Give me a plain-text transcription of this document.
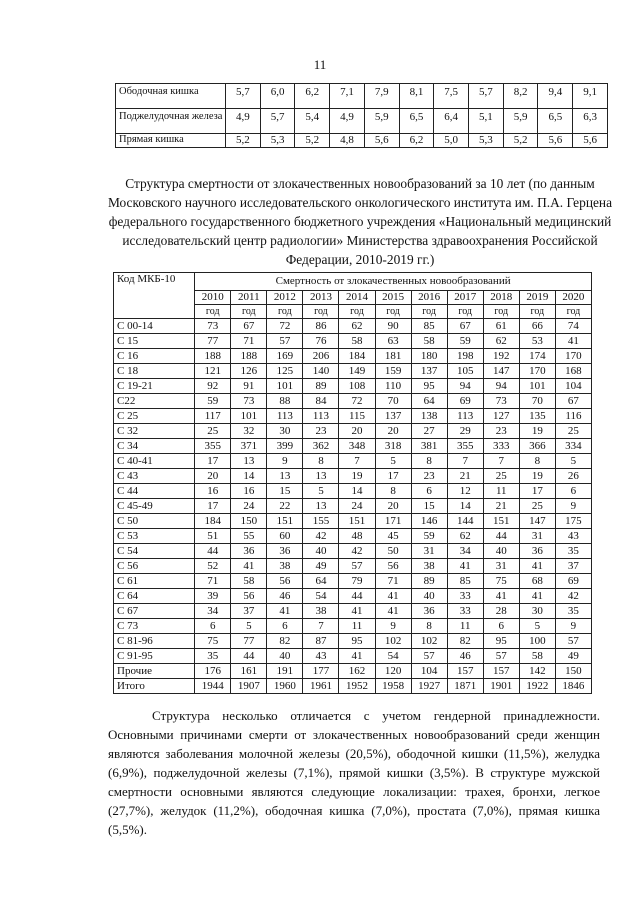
11
Ободочная кишка	5,7	6,0	6,2	7,1	7,9	8,1	7,5	5,7	8,2	9,4	9,1
Поджелудочная железа	4,9	5,7	5,4	4,9	5,9	6,5	6,4	5,1	5,9	6,5	6,3
Прямая кишка	5,2	5,3	5,2	4,8	5,6	6,2	5,0	5,3	5,2	5,6	5,6
Структура смертности от злокачественных новообразований за 10 лет (по данным Московского научного исследовательского онкологического института им. П.А. Герцена федерального государственного бюджетного учреждения «Национальный медицинский исследовательский центр радиологии» Министерства здравоохранения Российской Федерации, 2010-2019 гг.)
Код МКБ-10	Смертность от злокачественных новообразований										
	2010	2011	2012	2013	2014	2015	2016	2017	2018	2019	2020
	год	год	год	год	год	год	год	год	год	год	год
С 00-14	73	67	72	86	62	90	85	67	61	66	74
С 15	77	71	57	76	58	63	58	59	62	53	41
С 16	188	188	169	206	184	181	180	198	192	174	170
С 18	121	126	125	140	149	159	137	105	147	170	168
С 19-21	92	91	101	89	108	110	95	94	94	101	104
С22	59	73	88	84	72	70	64	69	73	70	67
С 25	117	101	113	113	115	137	138	113	127	135	116
С 32	25	32	30	23	20	20	27	29	23	19	25
С 34	355	371	399	362	348	318	381	355	333	366	334
С 40-41	17	13	9	8	7	5	8	7	7	8	5
С 43	20	14	13	13	19	17	23	21	25	19	26
С 44	16	16	15	5	14	8	6	12	11	17	6
С 45-49	17	24	22	13	24	20	15	14	21	25	9
С 50	184	150	151	155	151	171	146	144	151	147	175
С 53	51	55	60	42	48	45	59	62	44	31	43
С 54	44	36	36	40	42	50	31	34	40	36	35
С 56	52	41	38	49	57	56	38	41	31	41	37
С 61	71	58	56	64	79	71	89	85	75	68	69
С 64	39	56	46	54	44	41	40	33	41	41	42
С 67	34	37	41	38	41	41	36	33	28	30	35
С 73	6	5	6	7	11	9	8	11	6	5	9
С 81-96	75	77	82	87	95	102	102	82	95	100	57
С 91-95	35	44	40	43	41	54	57	46	57	58	49
Прочие	176	161	191	177	162	120	104	157	157	142	150
Итого	1944	1907	1960	1961	1952	1958	1927	1871	1901	1922	1846

Структура несколько отличается с учетом гендерной принадлежности. Основными причинами смерти от злокачественных новообразований среди женщин являются заболевания молочной железы (20,5%), ободочной кишки (11,5%), желудка (6,9%), поджелудочной железы (7,1%), прямой кишки (3,5%). В структуре мужской смертности основными являются следующие локализации: трахея, бронхи, легкое (27,7%), желудок (11,2%), ободочная кишка (7,0%), простата (7,0%), прямая кишка (5,5%).
